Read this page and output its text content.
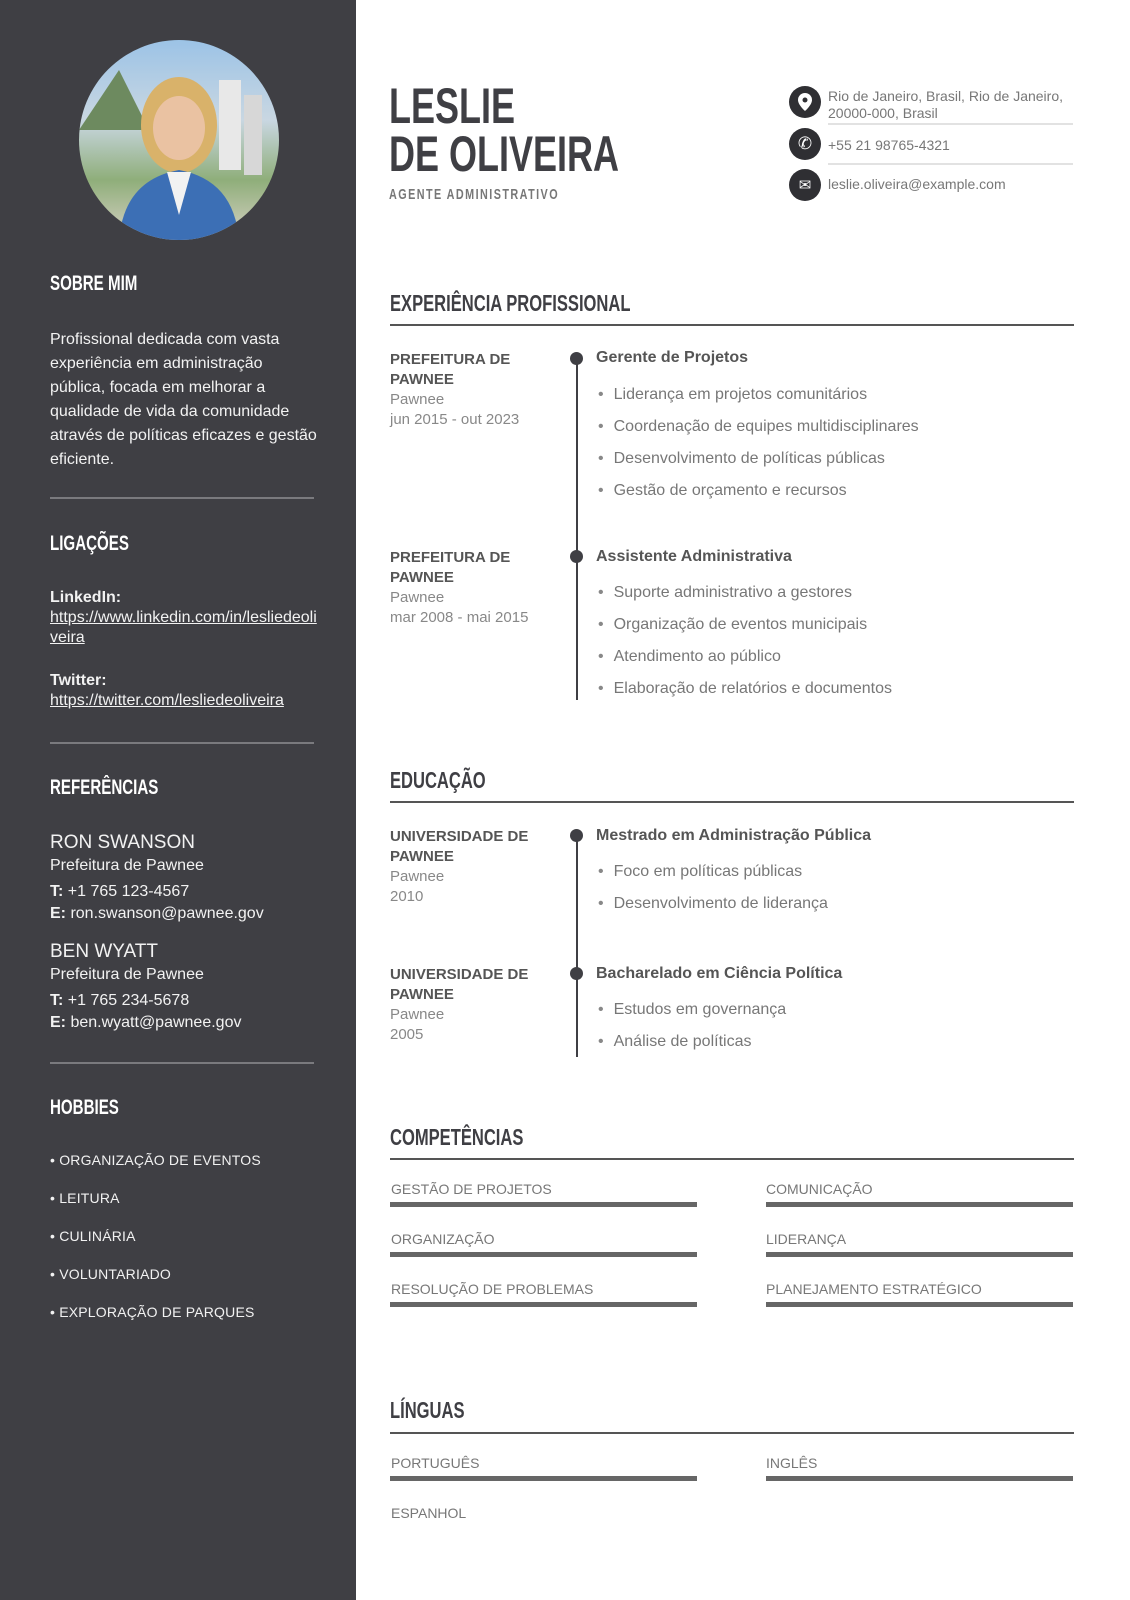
SOBRE MIM
Profissional dedicada com vasta experiência em administração pública, focada em melhorar a qualidade de vida da comunidade através de políticas eficazes e gestão eficiente.
LIGAÇÕES
LinkedIn:
https://www.linkedin.com/in/lesliedeoliveira
Twitter:
https://twitter.com/lesliedeoliveira
REFERÊNCIAS
RON SWANSON
Prefeitura de Pawnee
T: +1 765 123-4567
E: ron.swanson@pawnee.gov
BEN WYATT
Prefeitura de Pawnee
T: +1 765 234-5678
E: ben.wyatt@pawnee.gov
HOBBIES
• ORGANIZAÇÃO DE EVENTOS
• LEITURA
• CULINÁRIA
• VOLUNTARIADO
• EXPLORAÇÃO DE PARQUES
LESLIE
DE OLIVEIRA
AGENTE ADMINISTRATIVO
Rio de Janeiro, Brasil, Rio de Janeiro,
20000-000, Brasil
✆ +55 21 98765-4321
✉ leslie.oliveira@example.com
EXPERIÊNCIA PROFISSIONAL
PREFEITURA DE PAWNEE
Pawnee
jun 2015 - out 2023
Gerente de Projetos
• Liderança em projetos comunitários
• Coordenação de equipes multidisciplinares
• Desenvolvimento de políticas públicas
• Gestão de orçamento e recursos
PREFEITURA DE PAWNEE
Pawnee
mar 2008 - mai 2015
Assistente Administrativa
• Suporte administrativo a gestores
• Organização de eventos municipais
• Atendimento ao público
• Elaboração de relatórios e documentos
EDUCAÇÃO
UNIVERSIDADE DE PAWNEE
Pawnee
2010
Mestrado em Administração Pública
• Foco em políticas públicas
• Desenvolvimento de liderança
UNIVERSIDADE DE PAWNEE
Pawnee
2005
Bacharelado em Ciência Política
• Estudos em governança
• Análise de políticas
COMPETÊNCIAS
GESTÃO DE PROJETOS	COMUNICAÇÃO
ORGANIZAÇÃO	LIDERANÇA
RESOLUÇÃO DE PROBLEMAS	PLANEJAMENTO ESTRATÉGICO
LÍNGUAS
PORTUGUÊS	INGLÊS
ESPANHOL
